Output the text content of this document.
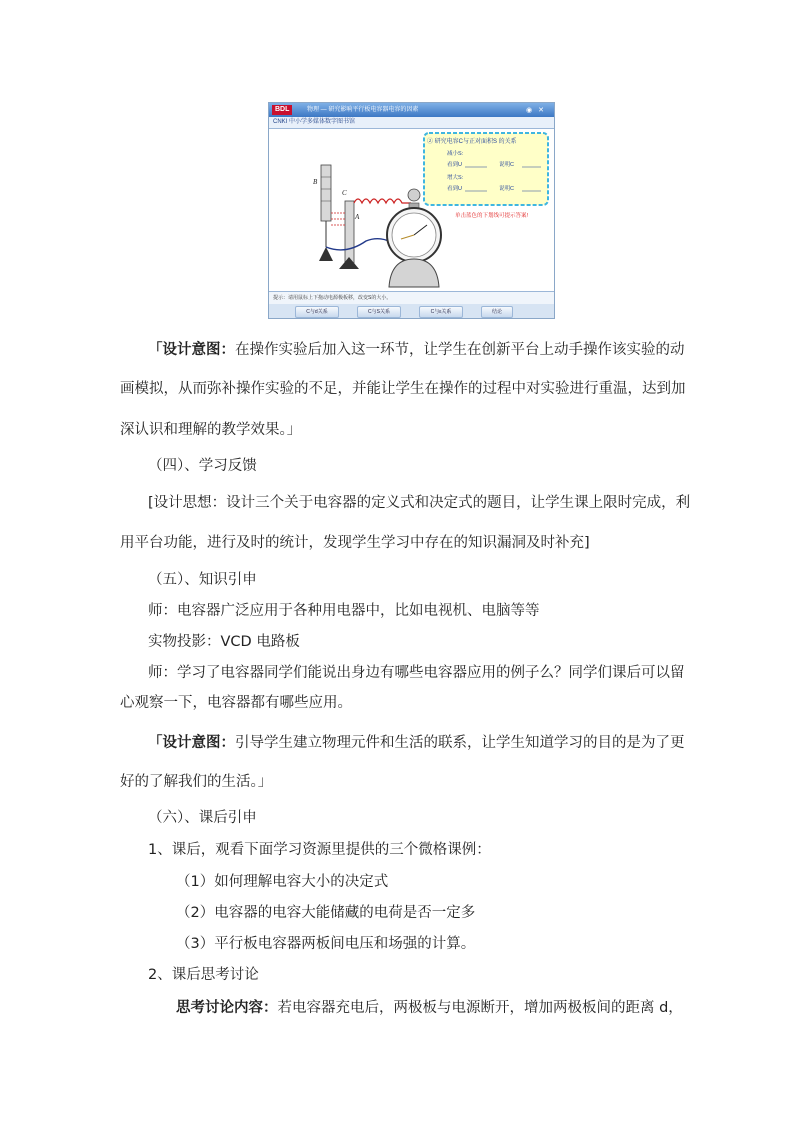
BDL	物理 — 研究影响平行板电容器电容的因素	◉✕
CNKI 中小学多媒体数字图书馆
② 研究电容C与正对面积S 的关系
减小S:
看到U	说明C
增大S:
看到U	说明C
单击蓝色的下划线可提示答案!
B
C
A
提示：请用鼠标上下拖动电源极板移，改变S的大小。
C与d关系	C与S关系	C与ε关系	结论
「设计意图：在操作实验后加入这一环节，让学生在创新平台上动手操作该实验的动
画模拟，从而弥补操作实验的不足，并能让学生在操作的过程中对实验进行重温，达到加
深认识和理解的教学效果。」
（四）、学习反馈
[设计思想：设计三个关于电容器的定义式和决定式的题目，让学生课上限时完成，利
用平台功能，进行及时的统计，发现学生学习中存在的知识漏洞及时补充]
（五）、知识引申
师：电容器广泛应用于各种用电器中，比如电视机、电脑等等
实物投影：VCD 电路板
师：学习了电容器同学们能说出身边有哪些电容器应用的例子么？同学们课后可以留
心观察一下，电容器都有哪些应用。
「设计意图：引导学生建立物理元件和生活的联系，让学生知道学习的目的是为了更
好的了解我们的生活。」
（六）、课后引申
1、课后，观看下面学习资源里提供的三个微格课例：
（1）如何理解电容大小的决定式
（2）电容器的电容大能储藏的电荷是否一定多
（3）平行板电容器两板间电压和场强的计算。
2、课后思考讨论
思考讨论内容：若电容器充电后，两极板与电源断开，增加两极板间的距离 d，
